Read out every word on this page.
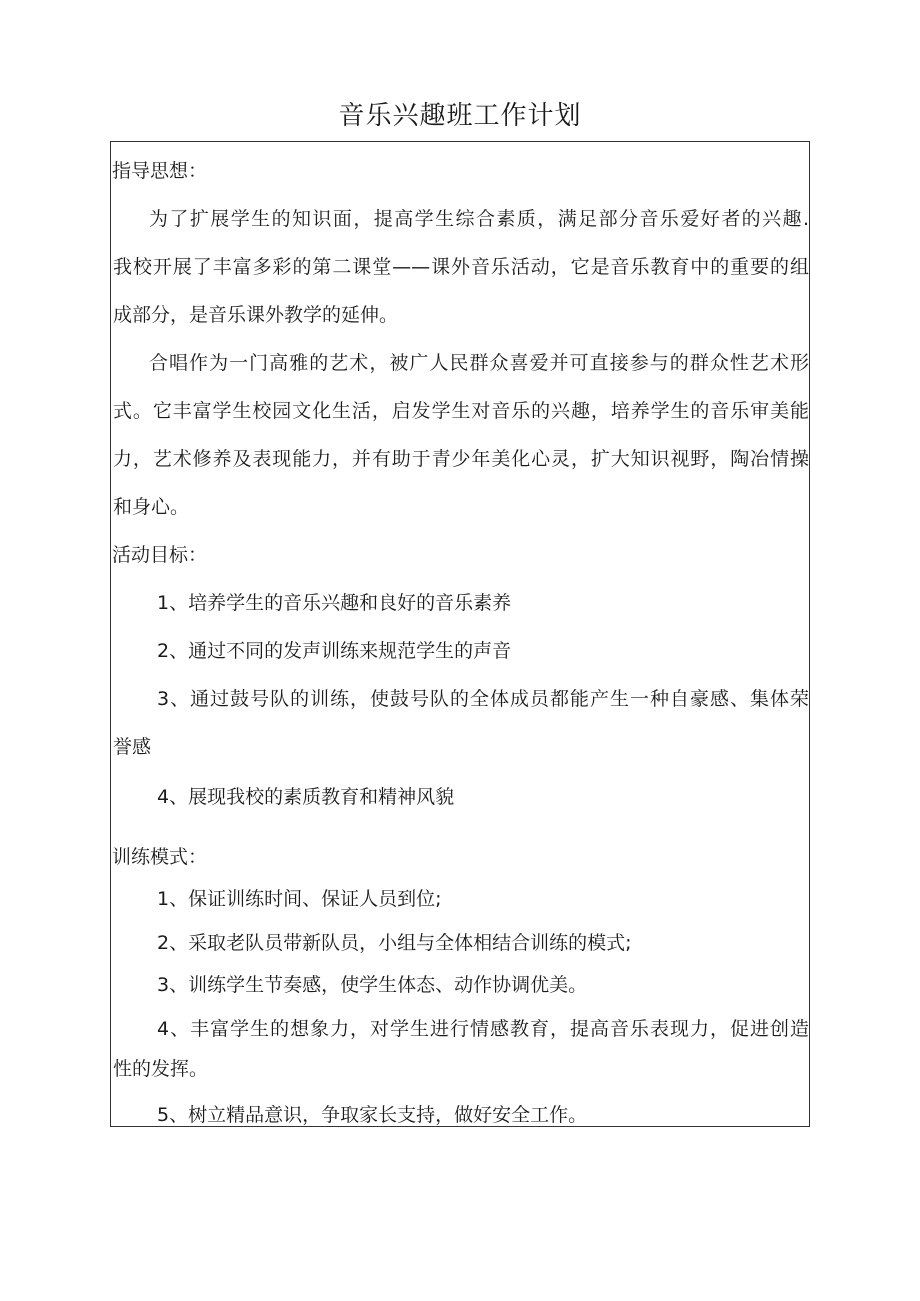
音乐兴趣班工作计划
指导思想：
为了扩展学生的知识面，提高学生综合素质，满足部分音乐爱好者的兴趣.
我校开展了丰富多彩的第二课堂——课外音乐活动，它是音乐教育中的重要的组
成部分，是音乐课外教学的延伸。
合唱作为一门高雅的艺术，被广人民群众喜爱并可直接参与的群众性艺术形
式。它丰富学生校园文化生活，启发学生对音乐的兴趣，培养学生的音乐审美能
力，艺术修养及表现能力，并有助于青少年美化心灵，扩大知识视野，陶冶情操
和身心。
活动目标：
1、培养学生的音乐兴趣和良好的音乐素养
2、通过不同的发声训练来规范学生的声音
3、通过鼓号队的训练，使鼓号队的全体成员都能产生一种自豪感、集体荣
誉感
4、展现我校的素质教育和精神风貌
训练模式：
1、保证训练时间、保证人员到位;
2、采取老队员带新队员，小组与全体相结合训练的模式;
3、训练学生节奏感，使学生体态、动作协调优美。
4、丰富学生的想象力，对学生进行情感教育，提高音乐表现力，促进创造
性的发挥。
5、树立精品意识，争取家长支持，做好安全工作。
